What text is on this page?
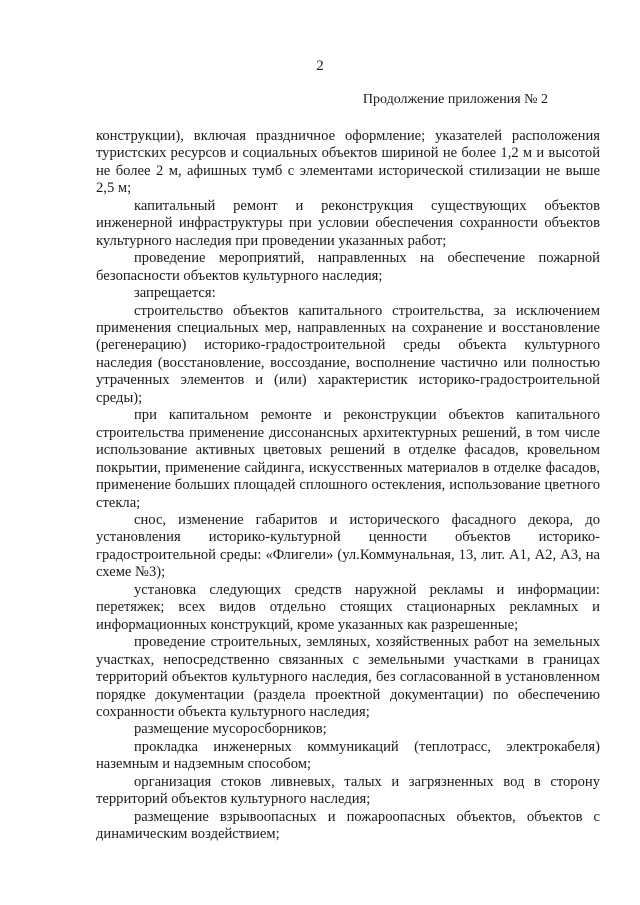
2
Продолжение приложения № 2

конструкции), включая праздничное оформление; указателей расположения туристских ресурсов и социальных объектов шириной не более 1,2 м и высотой не более 2 м, афишных тумб с элементами исторической стилизации не выше 2,5 м;

капитальный ремонт и реконструкция существующих объектов инженерной инфраструктуры при условии обеспечения сохранности объектов культурного наследия при проведении указанных работ;

проведение мероприятий, направленных на обеспечение пожарной безопасности объектов культурного наследия;

запрещается:

строительство объектов капитального строительства, за исключением применения специальных мер, направленных на сохранение и восстановление (регенерацию) историко-градостроительной среды объекта культурного наследия (восстановление, воссоздание, восполнение частично или полностью утраченных элементов и (или) характеристик историко-градостроительной среды);

при капитальном ремонте и реконструкции объектов капитального строительства применение диссонансных архитектурных решений, в том числе использование активных цветовых решений в отделке фасадов, кровельном покрытии, применение сайдинга, искусственных материалов в отделке фасадов, применение больших площадей сплошного остекления, использование цветного стекла;

снос, изменение габаритов и исторического фасадного декора, до установления историко-культурной ценности объектов историко-градостроительной среды: «Флигели» (ул.Коммунальная, 13, лит. А1, А2, А3, на схеме №3);

установка следующих средств наружной рекламы и информации: перетяжек; всех видов отдельно стоящих стационарных рекламных и информационных конструкций, кроме указанных как разрешенные;

проведение строительных, земляных, хозяйственных работ на земельных участках, непосредственно связанных с земельными участками в границах территорий объектов культурного наследия, без согласованной в установленном порядке документации (раздела проектной документации) по обеспечению сохранности объекта культурного наследия;

размещение мусоросборников;

прокладка инженерных коммуникаций (теплотрасс, электрокабеля) наземным и надземным способом;

организация стоков ливневых, талых и загрязненных вод в сторону территорий объектов культурного наследия;

размещение взрывоопасных и пожароопасных объектов, объектов с динамическим воздействием;
